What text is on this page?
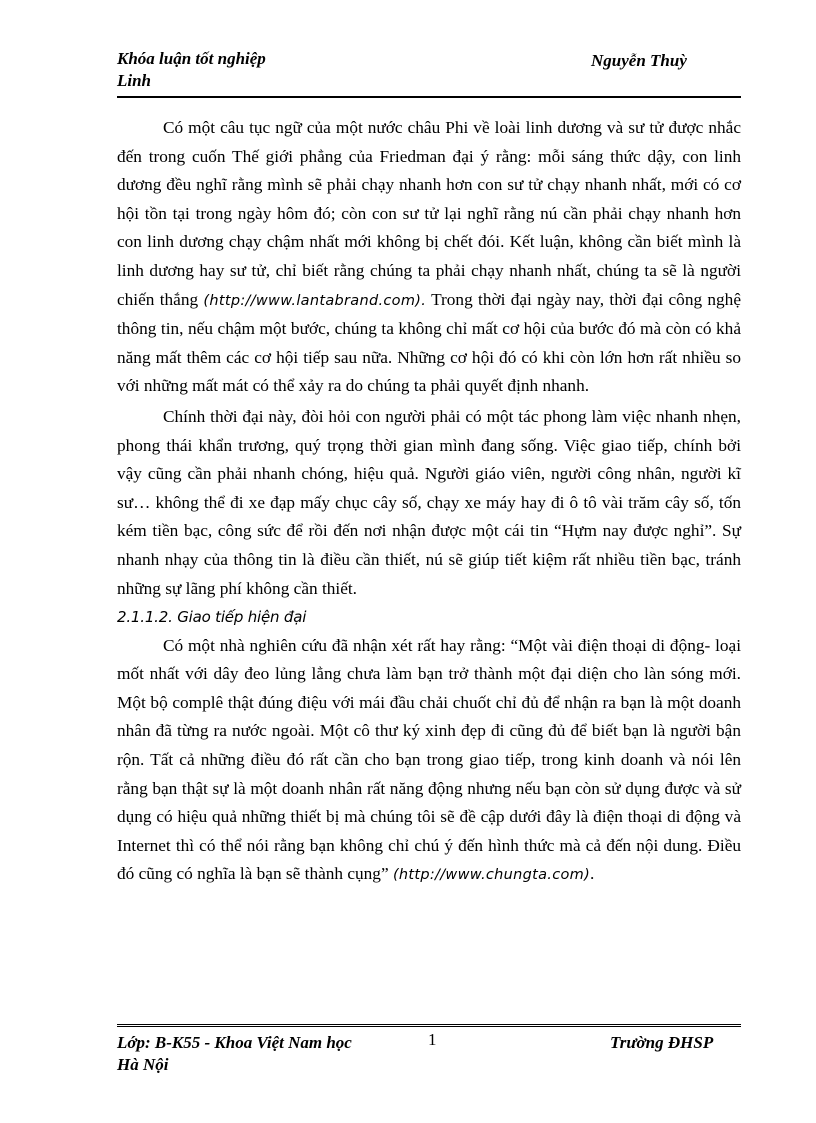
Khóa luận tốt nghiệp
Linh
Nguyễn Thuỳ

Có một câu tục ngữ của một nước châu Phi về loài linh dương và sư tử được nhắc đến trong cuốn Thế giới phẳng của Friedman đại ý rằng: mỗi sáng thức dậy, con linh dương đều nghĩ rằng mình sẽ phải chạy nhanh hơn con sư tử chạy nhanh nhất, mới có cơ hội tồn tại trong ngày hôm đó; còn con sư tử lại nghĩ rằng nú cần phải chạy nhanh hơn con linh dương chạy chậm nhất mới không bị chết đói. Kết luận, không cần biết mình là linh dương hay sư tử, chỉ biết rằng chúng ta phải chạy nhanh nhất, chúng ta sẽ là người chiến thắng (http://www.lantabrand.com). Trong thời đại ngày nay, thời đại công nghệ thông tin, nếu chậm một bước, chúng ta không chỉ mất cơ hội của bước đó mà còn có khả năng mất thêm các cơ hội tiếp sau nữa. Những cơ hội đó có khi còn lớn hơn rất nhiều so với những mất mát có thể xảy ra do chúng ta phải quyết định nhanh.

Chính thời đại này, đòi hỏi con người phải có một tác phong làm việc nhanh nhẹn, phong thái khẩn trương, quý trọng thời gian mình đang sống. Việc giao tiếp, chính bởi vậy cũng cần phải nhanh chóng, hiệu quả. Người giáo viên, người công nhân, người kĩ sư… không thể đi xe đạp mấy chục cây số, chạy xe máy hay đi ô tô vài trăm cây số, tốn kém tiền bạc, công sức để rồi đến nơi nhận được một cái tin “Hựm nay được nghỉ”. Sự nhanh nhạy của thông tin là điều cần thiết, nú sẽ giúp tiết kiệm rất nhiều tiền bạc, tránh những sự lãng phí không cần thiết.

2.1.1.2. Giao tiếp hiện đại

Có một nhà nghiên cứu đã nhận xét rất hay rằng: “Một vài điện thoại di động- loại mốt nhất với dây đeo lủng lẳng chưa làm bạn trở thành một đại diện cho làn sóng mới. Một bộ complê thật đúng điệu với mái đầu chải chuốt chỉ đủ để nhận ra bạn là một doanh nhân đã từng ra nước ngoài. Một cô thư ký xinh đẹp đi cũng đủ để biết bạn là người bận rộn. Tất cả những điều đó rất cần cho bạn trong giao tiếp, trong kinh doanh và nói lên rằng bạn thật sự là một doanh nhân rất năng động nhưng nếu bạn còn sử dụng được và sử dụng có hiệu quả những thiết bị mà chúng tôi sẽ đề cập dưới đây là điện thoại di động và Internet thì có thể nói rằng bạn không chỉ chú ý đến hình thức mà cả đến nội dung. Điều đó cũng có nghĩa là bạn sẽ thành cụng” (http://www.chungta.com).

Lớp: B-K55 - Khoa Việt Nam học
Hà Nội
1	Trường ĐHSP
